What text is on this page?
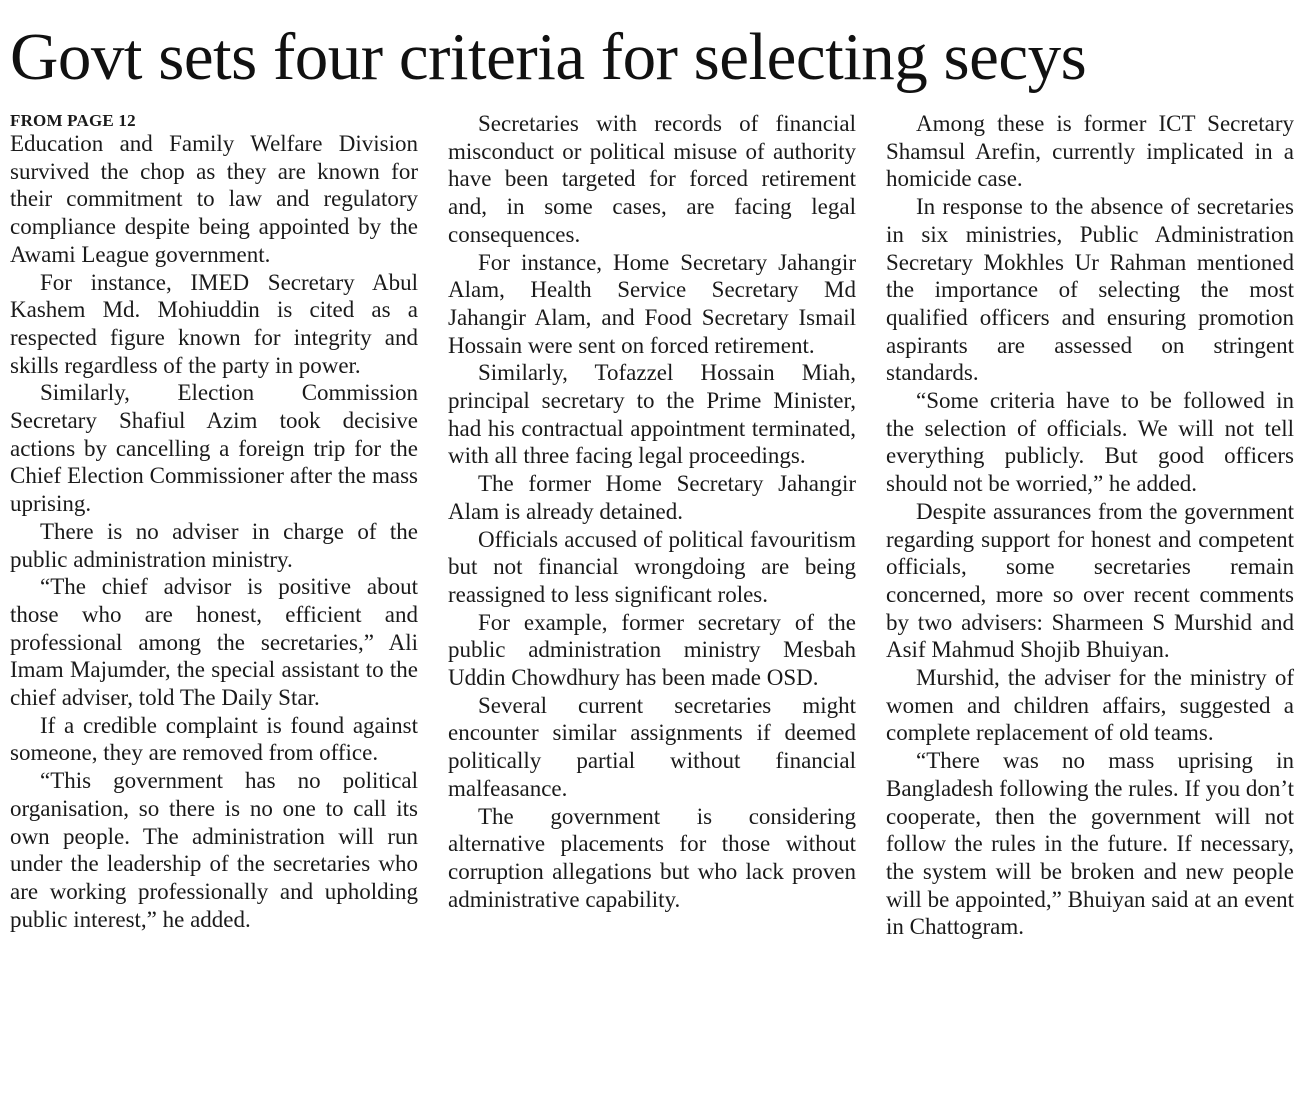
Govt sets four criteria for selecting secys
FROM PAGE 12

Education and Family Welfare Division survived the chop as they are known for their commitment to law and regulatory compliance despite being appointed by the Awami League government.

For instance, IMED Secretary Abul Kashem Md. Mohiuddin is cited as a respected figure known for integrity and skills regardless of the party in power.

Similarly, Election Commission Secretary Shafiul Azim took decisive actions by cancelling a foreign trip for the Chief Election Commissioner after the mass uprising.

There is no adviser in charge of the public administration ministry.

“The chief advisor is positive about those who are honest, efficient and professional among the secretaries,” Ali Imam Majumder, the special assistant to the chief adviser, told The Daily Star.

If a credible complaint is found against someone, they are removed from office.

“This government has no political organisation, so there is no one to call its own people. The administration will run under the leadership of the secretaries who are working professionally and upholding public interest,” he added.

Secretaries with records of financial misconduct or political misuse of authority have been targeted for forced retirement and, in some cases, are facing legal consequences.

For instance, Home Secretary Jahangir Alam, Health Service Secretary Md Jahangir Alam, and Food Secretary Ismail Hossain were sent on forced retirement.

Similarly, Tofazzel Hossain Miah, principal secretary to the Prime Minister, had his contractual appointment terminated, with all three facing legal proceedings.

The former Home Secretary Jahangir Alam is already detained.

Officials accused of political favouritism but not financial wrongdoing are being reassigned to less significant roles.

For example, former secretary of the public administration ministry Mesbah Uddin Chowdhury has been made OSD.

Several current secretaries might encounter similar assignments if deemed politically partial without financial malfeasance.

The government is considering alternative placements for those without corruption allegations but who lack proven administrative capability.

Among these is former ICT Secretary Shamsul Arefin, currently implicated in a homicide case.

In response to the absence of secretaries in six ministries, Public Administration Secretary Mokhles Ur Rahman mentioned the importance of selecting the most qualified officers and ensuring promotion aspirants are assessed on stringent standards.

“Some criteria have to be followed in the selection of officials. We will not tell everything publicly. But good officers should not be worried,” he added.

Despite assurances from the government regarding support for honest and competent officials, some secretaries remain concerned, more so over recent comments by two advisers: Sharmeen S Murshid and Asif Mahmud Shojib Bhuiyan.

Murshid, the adviser for the ministry of women and children affairs, suggested a complete replacement of old teams.

“There was no mass uprising in Bangladesh following the rules. If you don’t cooperate, then the government will not follow the rules in the future. If necessary, the system will be broken and new people will be appointed,” Bhuiyan said at an event in Chattogram.
